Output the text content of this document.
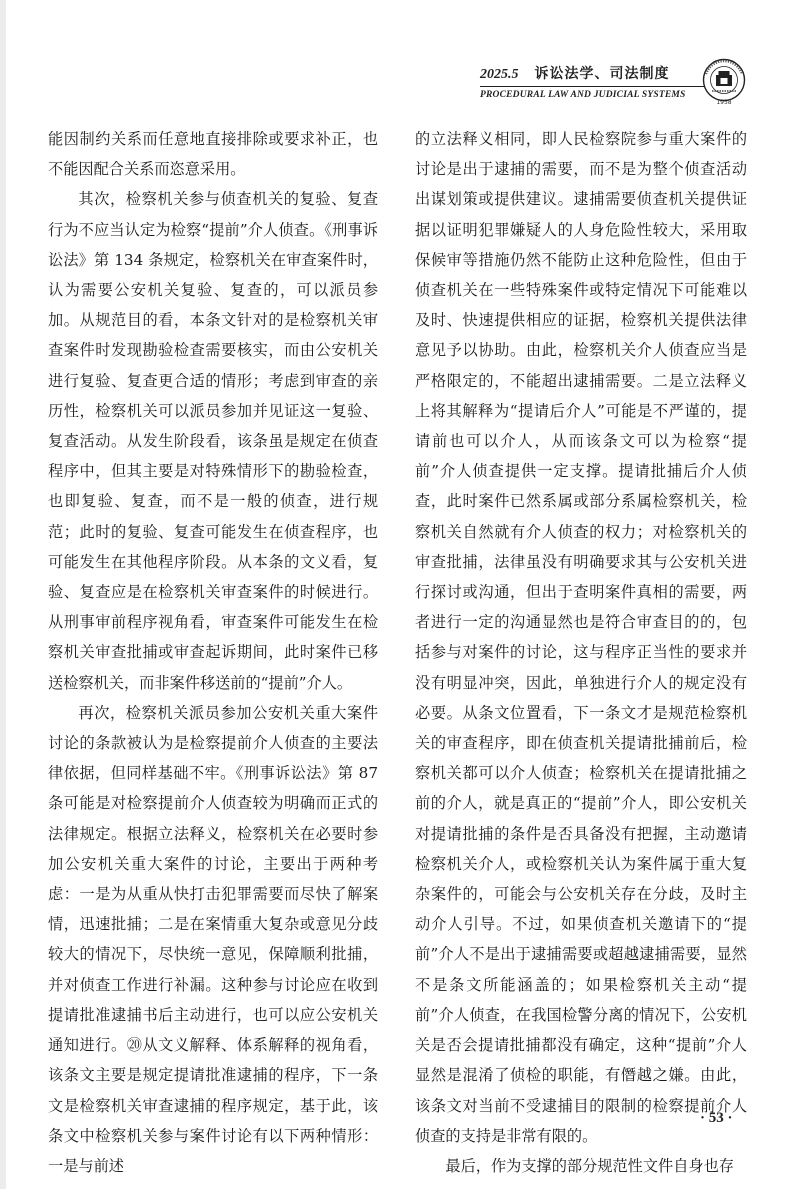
2025.5 诉讼法学、司法制度
PROCEDURAL LAW AND JUDICIAL SYSTEMS
1958

能因制约关系而任意地直接排除或要求补正，也不能因配合关系而恣意采用。

其次，检察机关参与侦查机关的复验、复查行为不应当认定为检察“提前”介人侦查。《刑事诉讼法》第 134 条规定，检察机关在审查案件时，认为需要公安机关复验、复查的，可以派员参加。从规范目的看，本条文针对的是检察机关审查案件时发现勘验检查需要核实，而由公安机关进行复验、复查更合适的情形；考虑到审查的亲历性，检察机关可以派员参加并见证这一复验、复查活动。从发生阶段看，该条虽是规定在侦查程序中，但其主要是对特殊情形下的勘验检查，也即复验、复查，而不是一般的侦查，进行规范；此时的复验、复查可能发生在侦查程序，也可能发生在其他程序阶段。从本条的文义看，复验、复查应是在检察机关审查案件的时候进行。从刑事审前程序视角看，审查案件可能发生在检察机关审查批捕或审查起诉期间，此时案件已移送检察机关，而非案件移送前的“提前”介人。

再次，检察机关派员参加公安机关重大案件讨论的条款被认为是检察提前介人侦查的主要法律依据，但同样基础不牢。《刑事诉讼法》第 87 条可能是对检察提前介人侦查较为明确而正式的法律规定。根据立法释义，检察机关在必要时参加公安机关重大案件的讨论，主要出于两种考虑：一是为从重从快打击犯罪需要而尽快了解案情，迅速批捕；二是在案情重大复杂或意见分歧较大的情况下，尽快统一意见，保障顺利批捕，并对侦查工作进行补漏。这种参与讨论应在收到提请批准逮捕书后主动进行，也可以应公安机关通知进行。⑳从文义解释、体系解释的视角看，该条文主要是规定提请批准逮捕的程序，下一条文是检察机关审查逮捕的程序规定，基于此，该条文中检察机关参与案件讨论有以下两种情形：一是与前述

的立法释义相同，即人民检察院参与重大案件的讨论是出于逮捕的需要，而不是为整个侦查活动出谋划策或提供建议。逮捕需要侦查机关提供证据以证明犯罪嫌疑人的人身危险性较大，采用取保候审等措施仍然不能防止这种危险性，但由于侦查机关在一些特殊案件或特定情况下可能难以及时、快速提供相应的证据，检察机关提供法律意见予以协助。由此，检察机关介人侦查应当是严格限定的，不能超出逮捕需要。二是立法释义上将其解释为“提请后介人”可能是不严谨的，提请前也可以介人，从而该条文可以为检察“提前”介人侦查提供一定支撑。提请批捕后介人侦查，此时案件已然系属或部分系属检察机关，检察机关自然就有介人侦查的权力；对检察机关的审查批捕，法律虽没有明确要求其与公安机关进行探讨或沟通，但出于查明案件真相的需要，两者进行一定的沟通显然也是符合审查目的的，包括参与对案件的讨论，这与程序正当性的要求并没有明显冲突，因此，单独进行介人的规定没有必要。从条文位置看，下一条文才是规范检察机关的审查程序，即在侦查机关提请批捕前后，检察机关都可以介人侦查；检察机关在提请批捕之前的介人，就是真正的“提前”介人，即公安机关对提请批捕的条件是否具备没有把握，主动邀请检察机关介人，或检察机关认为案件属于重大复杂案件的，可能会与公安机关存在分歧，及时主动介人引导。不过，如果侦查机关邀请下的“提前”介人不是出于逮捕需要或超越逮捕需要，显然不是条文所能涵盖的；如果检察机关主动“提前”介人侦查，在我国检警分离的情况下，公安机关是否会提请批捕都没有确定，这种“提前”介人显然是混淆了侦检的职能，有僭越之嫌。由此，该条文对当前不受逮捕目的限制的检察提前介人侦查的支持是非常有限的。

最后，作为支撑的部分规范性文件自身也存

· 53 ·
